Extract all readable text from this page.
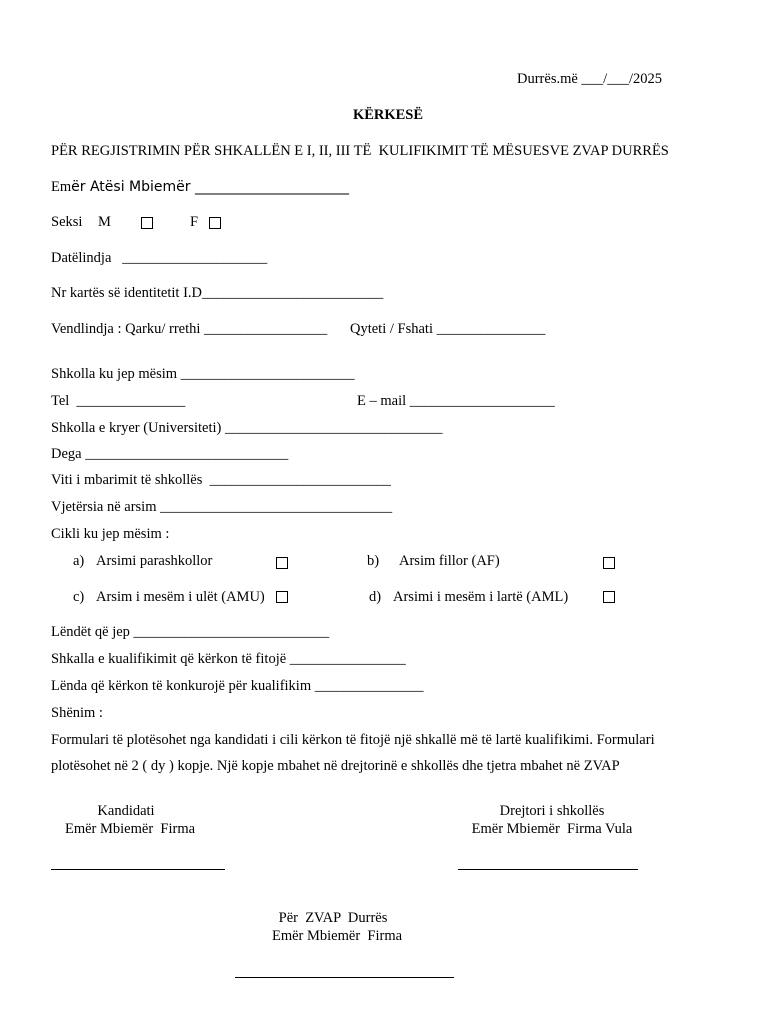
Durrës.më ___/___/2025
KËRKESË
PËR REGJISTRIMIN PËR SHKALLËN E I, II, III TË  KULIFIKIMIT TË MËSUESVE ZVAP DURRËS
Emër Atësi Mbiemër ______________________
Seksi M	F
Datëlindja   ____________________
Nr kartës së identitetit I.D_________________________
Vendlindja : Qarku/ rrethi _________________ Qyteti / Fshati _______________
Shkolla ku jep mësim ________________________
Tel  _______________	E – mail ____________________
Shkolla e kryer (Universiteti) ______________________________
Dega ____________________________
Viti i mbarimit të shkollës  _________________________
Vjetërsia në arsim ________________________________
Cikli ku jep mësim :
a) Arsimi parashkollor	b) Arsim fillor (AF)
c) Arsim i mesëm i ulët (AMU)	d) Arsimi i mesëm i lartë (AML)
Lëndët që jep ___________________________
Shkalla e kualifikimit që kërkon të fitojë ________________
Lënda që kërkon të konkurojë për kualifikim _______________
Shënim :
Formulari të plotësohet nga kandidati i cili kërkon të fitojë një shkallë më të lartë kualifikimi. Formulari
plotësohet në 2 ( dy ) kopje. Një kopje mbahet në drejtorinë e shkollës dhe tjetra mbahet në ZVAP
Kandidati
Emër Mbiemër  Firma
Drejtori i shkollës
Emër Mbiemër  Firma Vula
Për  ZVAP  Durrës
Emër Mbiemër  Firma
